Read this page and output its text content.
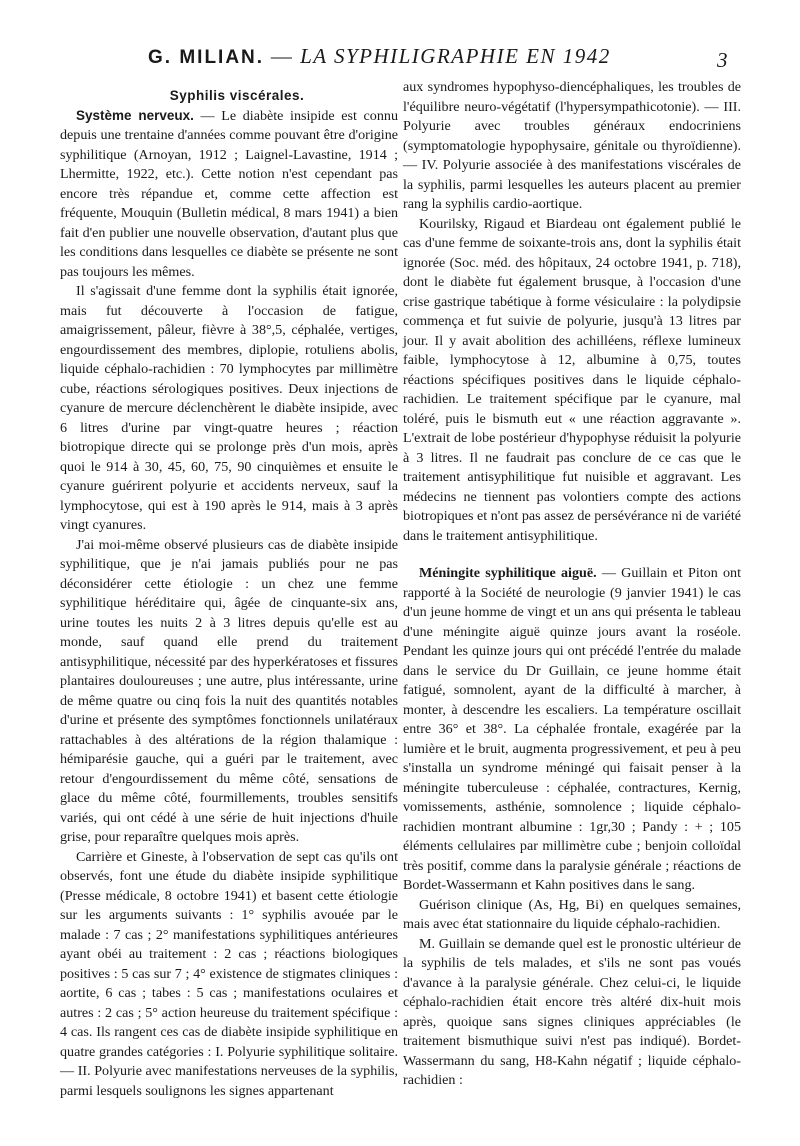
G. MILIAN. — LA SYPHILIGRAPHIE EN 1942	3

Syphilis viscérales.

Système nerveux. — Le diabète insipide est connu depuis une trentaine d'années comme pouvant être d'origine syphilitique (Arnoyan, 1912 ; Laignel-Lavastine, 1914 ; Lhermitte, 1922, etc.). Cette notion n'est cependant pas encore très répandue et, comme cette affection est fréquente, Mouquin (Bulletin médical, 8 mars 1941) a bien fait d'en publier une nouvelle observation, d'autant plus que les conditions dans lesquelles ce diabète se présente ne sont pas toujours les mêmes.

Il s'agissait d'une femme dont la syphilis était ignorée, mais fut découverte à l'occasion de fatigue, amaigrissement, pâleur, fièvre à 38°,5, céphalée, vertiges, engourdissement des membres, diplopie, rotuliens abolis, liquide céphalo-rachidien : 70 lymphocytes par millimètre cube, réactions sérologiques positives. Deux injections de cyanure de mercure déclenchèrent le diabète insipide, avec 6 litres d'urine par vingt-quatre heures ; réaction biotropique directe qui se prolonge près d'un mois, après quoi le 914 à 30, 45, 60, 75, 90 cinquièmes et ensuite le cyanure guérirent polyurie et accidents nerveux, sauf la lymphocytose, qui est à 190 après le 914, mais à 3 après vingt cyanures.

J'ai moi-même observé plusieurs cas de diabète insipide syphilitique, que je n'ai jamais publiés pour ne pas déconsidérer cette étiologie : un chez une femme syphilitique héréditaire qui, âgée de cinquante-six ans, urine toutes les nuits 2 à 3 litres depuis qu'elle est au monde, sauf quand elle prend du traitement antisyphilitique, nécessité par des hyperkératoses et fissures plantaires douloureuses ; une autre, plus intéressante, urine de même quatre ou cinq fois la nuit des quantités notables d'urine et présente des symptômes fonctionnels unilatéraux rattachables à des altérations de la région thalamique : hémiparésie gauche, qui a guéri par le traitement, avec retour d'engourdissement du même côté, sensations de glace du même côté, fourmillements, troubles sensitifs variés, qui ont cédé à une série de huit injections d'huile grise, pour reparaître quelques mois après.

Carrière et Gineste, à l'observation de sept cas qu'ils ont observés, font une étude du diabète insipide syphilitique (Presse médicale, 8 octobre 1941) et basent cette étiologie sur les arguments suivants : 1° syphilis avouée par le malade : 7 cas ; 2° manifestations syphilitiques antérieures ayant obéi au traitement : 2 cas ; réactions biologiques positives : 5 cas sur 7 ; 4° existence de stigmates cliniques : aortite, 6 cas ; tabes : 5 cas ; manifestations oculaires et autres : 2 cas ; 5° action heureuse du traitement spécifique : 4 cas. Ils rangent ces cas de diabète insipide syphilitique en quatre grandes catégories : I. Polyurie syphilitique solitaire. — II. Polyurie avec manifestations nerveuses de la syphilis, parmi lesquels soulignons les signes appartenant

aux syndromes hypophyso-diencéphaliques, les troubles de l'équilibre neuro-végétatif (l'hypersympathicotonie). — III. Polyurie avec troubles généraux endocriniens (symptomatologie hypophysaire, génitale ou thyroïdienne). — IV. Polyurie associée à des manifestations viscérales de la syphilis, parmi lesquelles les auteurs placent au premier rang la syphilis cardio-aortique.

Kourilsky, Rigaud et Biardeau ont également publié le cas d'une femme de soixante-trois ans, dont la syphilis était ignorée (Soc. méd. des hôpitaux, 24 octobre 1941, p. 718), dont le diabète fut également brusque, à l'occasion d'une crise gastrique tabétique à forme vésiculaire : la polydipsie commença et fut suivie de polyurie, jusqu'à 13 litres par jour. Il y avait abolition des achilléens, réflexe lumineux faible, lymphocytose à 12, albumine à 0,75, toutes réactions spécifiques positives dans le liquide céphalo-rachidien. Le traitement spécifique par le cyanure, mal toléré, puis le bismuth eut « une réaction aggravante ». L'extrait de lobe postérieur d'hypophyse réduisit la polyurie à 3 litres. Il ne faudrait pas conclure de ce cas que le traitement antisyphilitique fut nuisible et aggravant. Les médecins ne tiennent pas volontiers compte des actions biotropiques et n'ont pas assez de persévérance ni de variété dans le traitement antisyphilitique.

Méningite syphilitique aiguë. — Guillain et Piton ont rapporté à la Société de neurologie (9 janvier 1941) le cas d'un jeune homme de vingt et un ans qui présenta le tableau d'une méningite aiguë quinze jours avant la roséole. Pendant les quinze jours qui ont précédé l'entrée du malade dans le service du Dr Guillain, ce jeune homme était fatigué, somnolent, ayant de la difficulté à marcher, à monter, à descendre les escaliers. La température oscillait entre 36° et 38°. La céphalée frontale, exagérée par la lumière et le bruit, augmenta progressivement, et peu à peu s'installa un syndrome méningé qui faisait penser à la méningite tuberculeuse : céphalée, contractures, Kernig, vomissements, asthénie, somnolence ; liquide céphalo-rachidien montrant albumine : 1gr,30 ; Pandy : + ; 105 éléments cellulaires par millimètre cube ; benjoin colloïdal très positif, comme dans la paralysie générale ; réactions de Bordet-Wassermann et Kahn positives dans le sang.

Guérison clinique (As, Hg, Bi) en quelques semaines, mais avec état stationnaire du liquide céphalo-rachidien.

M. Guillain se demande quel est le pronostic ultérieur de la syphilis de tels malades, et s'ils ne sont pas voués d'avance à la paralysie générale. Chez celui-ci, le liquide céphalo-rachidien était encore très altéré dix-huit mois après, quoique sans signes cliniques appréciables (le traitement bismuthique suivi n'est pas indiqué). Bordet-Wassermann du sang, H8-Kahn négatif ; liquide céphalo-rachidien :
